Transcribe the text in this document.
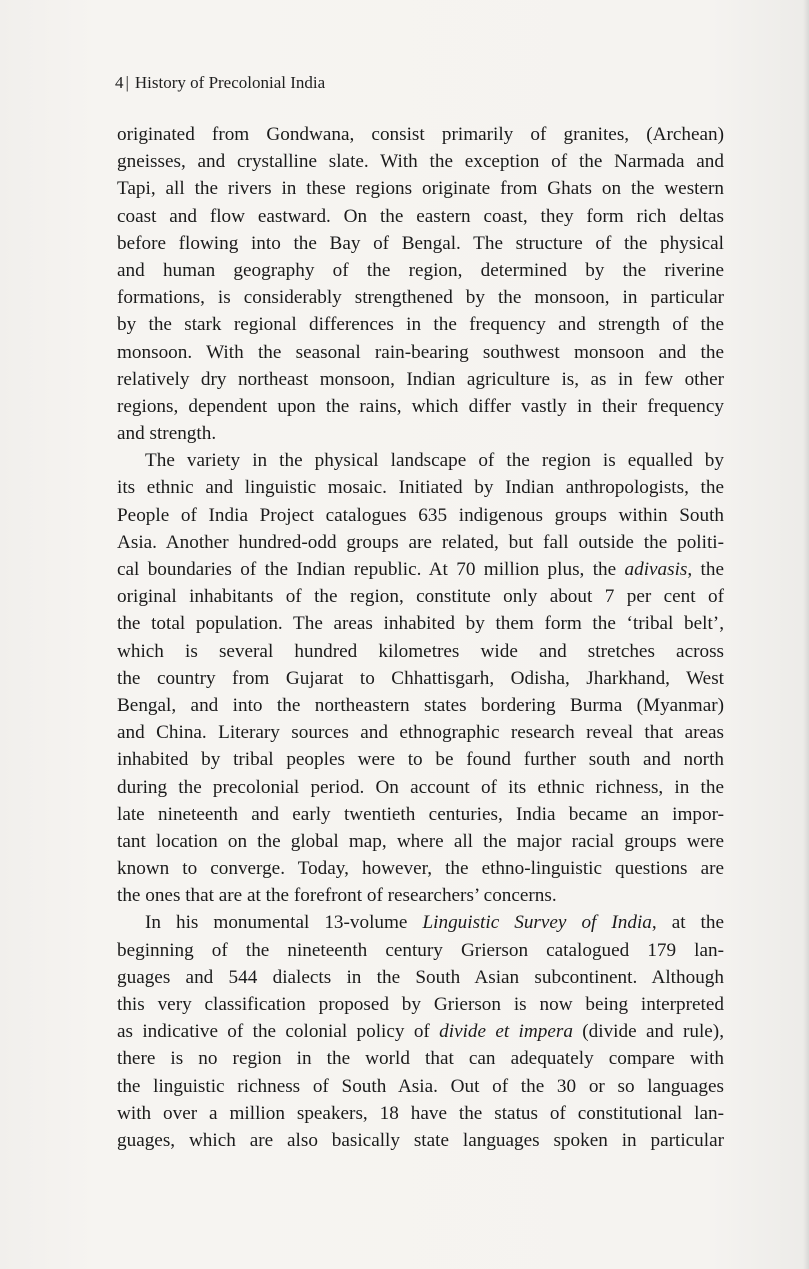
4 | History of Precolonial India
originated from Gondwana, consist primarily of granites, (Archean)
gneisses, and crystalline slate. With the exception of the Narmada and
Tapi, all the rivers in these regions originate from Ghats on the western
coast and flow eastward. On the eastern coast, they form rich deltas
before flowing into the Bay of Bengal. The structure of the physical
and human geography of the region, determined by the riverine
formations, is considerably strengthened by the monsoon, in particular
by the stark regional differences in the frequency and strength of the
monsoon. With the seasonal rain-bearing southwest monsoon and the
relatively dry northeast monsoon, Indian agriculture is, as in few other
regions, dependent upon the rains, which differ vastly in their frequency
and strength.
The variety in the physical landscape of the region is equalled by
its ethnic and linguistic mosaic. Initiated by Indian anthropologists, the
People of India Project catalogues 635 indigenous groups within South
Asia. Another hundred-odd groups are related, but fall outside the politi-
cal boundaries of the Indian republic. At 70 million plus, the adivasis, the
original inhabitants of the region, constitute only about 7 per cent of
the total population. The areas inhabited by them form the ‘tribal belt’,
which is several hundred kilometres wide and stretches across
the country from Gujarat to Chhattisgarh, Odisha, Jharkhand, West
Bengal, and into the northeastern states bordering Burma (Myanmar)
and China. Literary sources and ethnographic research reveal that areas
inhabited by tribal peoples were to be found further south and north
during the precolonial period. On account of its ethnic richness, in the
late nineteenth and early twentieth centuries, India became an impor-
tant location on the global map, where all the major racial groups were
known to converge. Today, however, the ethno-linguistic questions are
the ones that are at the forefront of researchers’ concerns.
In his monumental 13-volume Linguistic Survey of India, at the
beginning of the nineteenth century Grierson catalogued 179 lan-
guages and 544 dialects in the South Asian subcontinent. Although
this very classification proposed by Grierson is now being interpreted
as indicative of the colonial policy of divide et impera (divide and rule),
there is no region in the world that can adequately compare with
the linguistic richness of South Asia. Out of the 30 or so languages
with over a million speakers, 18 have the status of constitutional lan-
guages, which are also basically state languages spoken in particular
